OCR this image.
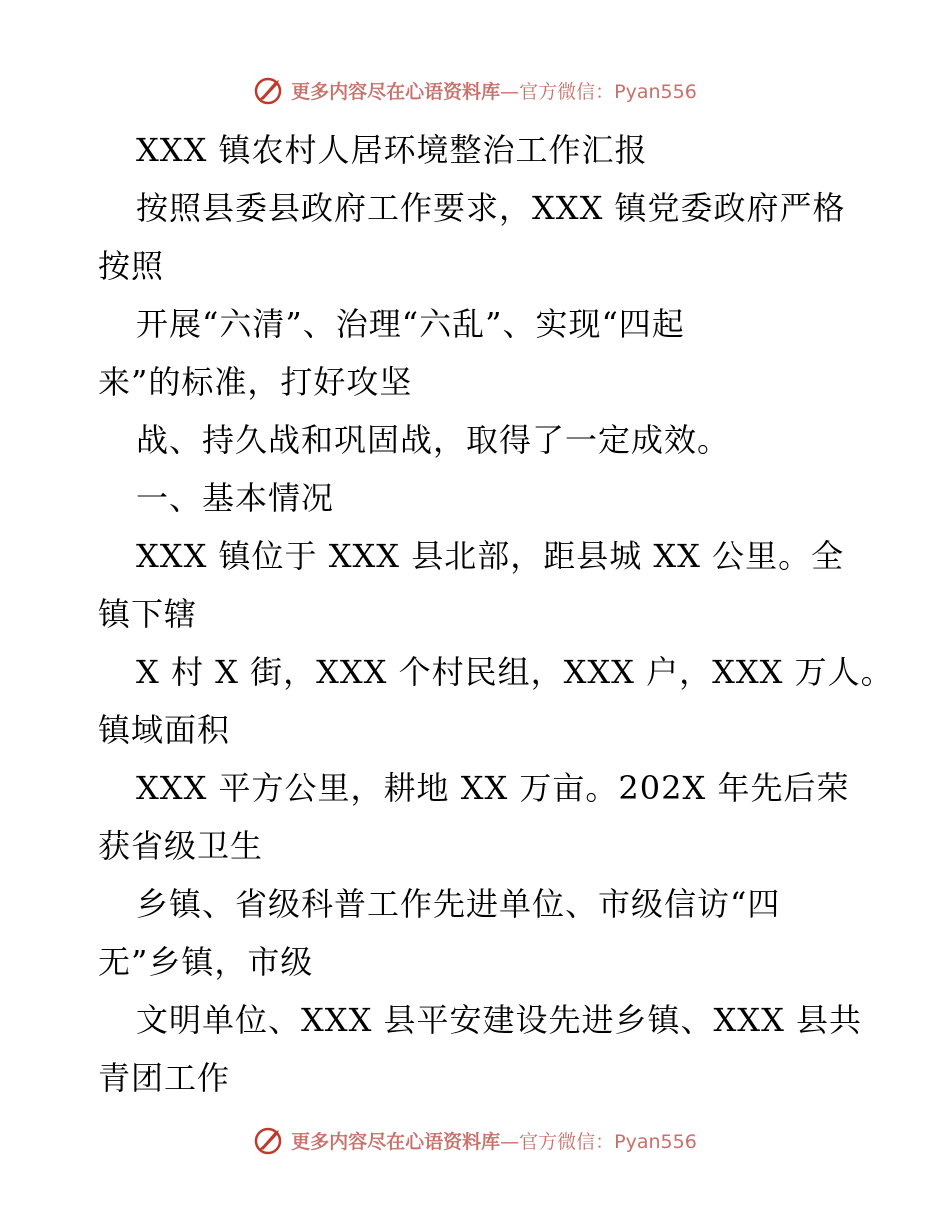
更多内容尽在心语资料库—官方微信：Pyan556
XXX 镇农村人居环境整治工作汇报
按照县委县政府工作要求，XXX 镇党委政府严格
按照
开展“六清”、治理“六乱”、实现“四起
来”的标准，打好攻坚
战、持久战和巩固战，取得了一定成效。
一、基本情况
XXX 镇位于 XXX 县北部，距县城 XX 公里。全
镇下辖
X 村 X 街，XXX 个村民组，XXX 户，XXX 万人。
镇域面积
XXX 平方公里，耕地 XX 万亩。202X 年先后荣
获省级卫生
乡镇、省级科普工作先进单位、市级信访“四
无”乡镇，市级
文明单位、XXX 县平安建设先进乡镇、XXX 县共
青团工作
更多内容尽在心语资料库—官方微信：Pyan556
